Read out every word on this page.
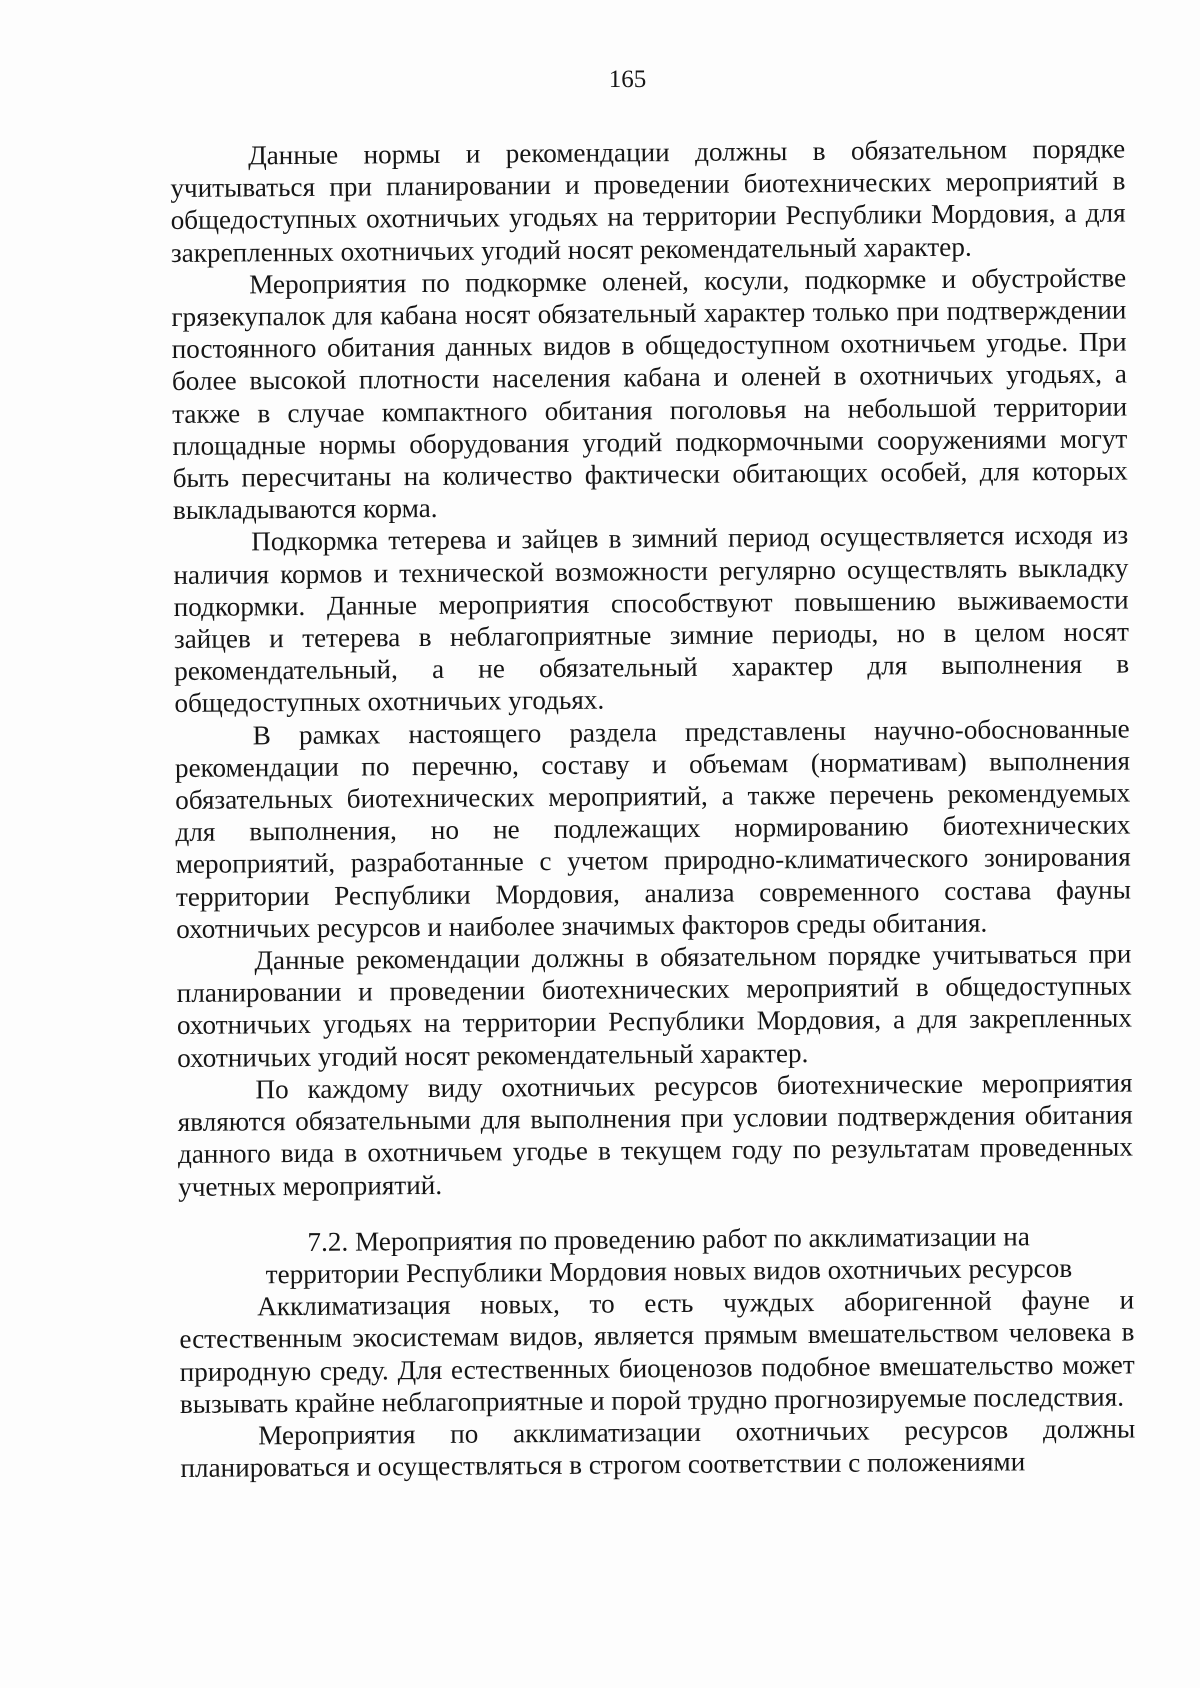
165

Данные нормы и рекомендации должны в обязательном порядке учитываться при планировании и проведении биотехнических мероприятий в общедоступных охотничьих угодьях на территории Республики Мордовия, а для закрепленных охотничьих угодий носят рекомендательный характер.

Мероприятия по подкормке оленей, косули, подкормке и обустройстве грязекупалок для кабана носят обязательный характер только при подтверждении постоянного обитания данных видов в общедоступном охотничьем угодье. При более высокой плотности населения кабана и оленей в охотничьих угодьях, а также в случае компактного обитания поголовья на небольшой территории площадные нормы оборудования угодий подкормочными сооружениями могут быть пересчитаны на количество фактически обитающих особей, для которых выкладываются корма.

Подкормка тетерева и зайцев в зимний период осуществляется исходя из наличия кормов и технической возможности регулярно осуществлять выкладку подкормки. Данные мероприятия способствуют повышению выживаемости зайцев и тетерева в неблагоприятные зимние периоды, но в целом носят рекомендательный, а не обязательный характер для выполнения в общедоступных охотничьих угодьях.

В рамках настоящего раздела представлены научно-обоснованные рекомендации по перечню, составу и объемам (нормативам) выполнения обязательных биотехнических мероприятий, а также перечень рекомендуемых для выполнения, но не подлежащих нормированию биотехнических мероприятий, разработанные с учетом природно-климатического зонирования территории Республики Мордовия, анализа современного состава фауны охотничьих ресурсов и наиболее значимых факторов среды обитания.

Данные рекомендации должны в обязательном порядке учитываться при планировании и проведении биотехнических мероприятий в общедоступных охотничьих угодьях на территории Республики Мордовия, а для закрепленных охотничьих угодий носят рекомендательный характер.

По каждому виду охотничьих ресурсов биотехнические мероприятия являются обязательными для выполнения при условии подтверждения обитания данного вида в охотничьем угодье в текущем году по результатам проведенных учетных мероприятий.

7.2. Мероприятия по проведению работ по акклиматизации на
территории Республики Мордовия новых видов охотничьих ресурсов

Акклиматизация новых, то есть чуждых аборигенной фауне и естественным экосистемам видов, является прямым вмешательством человека в природную среду. Для естественных биоценозов подобное вмешательство может вызывать крайне неблагоприятные и порой трудно прогнозируемые последствия.

Мероприятия по акклиматизации охотничьих ресурсов должны планироваться и осуществляться в строгом соответствии с положениями
